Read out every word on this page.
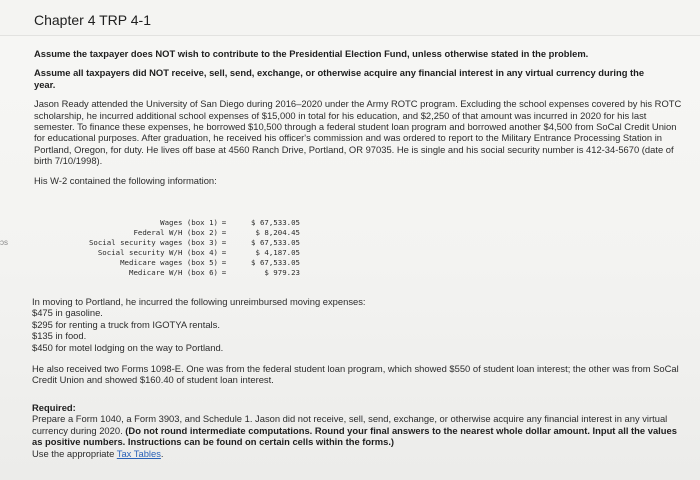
Chapter 4 TRP 4-1
ɔs

Assume the taxpayer does NOT wish to contribute to the Presidential Election Fund, unless otherwise stated in the problem.

Assume all taxpayers did NOT receive, sell, send, exchange, or otherwise acquire any financial interest in any virtual currency during the year.

Jason Ready attended the University of San Diego during 2016–2020 under the Army ROTC program. Excluding the school expenses covered by his ROTC scholarship, he incurred additional school expenses of $15,000 in total for his education, and $2,250 of that amount was incurred in 2020 for his last semester. To finance these expenses, he borrowed $10,500 through a federal student loan program and borrowed another $4,500 from SoCal Credit Union for educational purposes. After graduation, he received his officer's commission and was ordered to report to the Military Entrance Processing Station in Portland, Oregon, for duty. He lives off base at 4560 Ranch Drive, Portland, OR 97035. He is single and his social security number is 412-34-5670 (date of birth 7/10/1998).

His W-2 contained the following information:

Wages (box 1) =	$ 67,533.05
Federal W/H (box 2) =	$ 8,204.45
Social security wages (box 3) =	$ 67,533.05
Social security W/H (box 4) =	$ 4,187.05
Medicare wages (box 5) =	$ 67,533.05
Medicare W/H (box 6) =	$ 979.23

In moving to Portland, he incurred the following unreimbursed moving expenses:

$475 in gasoline.

$295 for renting a truck from IGOTYA rentals.

$135 in food.

$450 for motel lodging on the way to Portland.

He also received two Forms 1098-E. One was from the federal student loan program, which showed $550 of student loan interest; the other was from SoCal Credit Union and showed $160.40 of student loan interest.

Required:

Prepare a Form 1040, a Form 3903, and Schedule 1. Jason did not receive, sell, send, exchange, or otherwise acquire any financial interest in any virtual currency during 2020. (Do not round intermediate computations. Round your final answers to the nearest whole dollar amount. Input all the values as positive numbers. Instructions can be found on certain cells within the forms.)

Use the appropriate Tax Tables.
